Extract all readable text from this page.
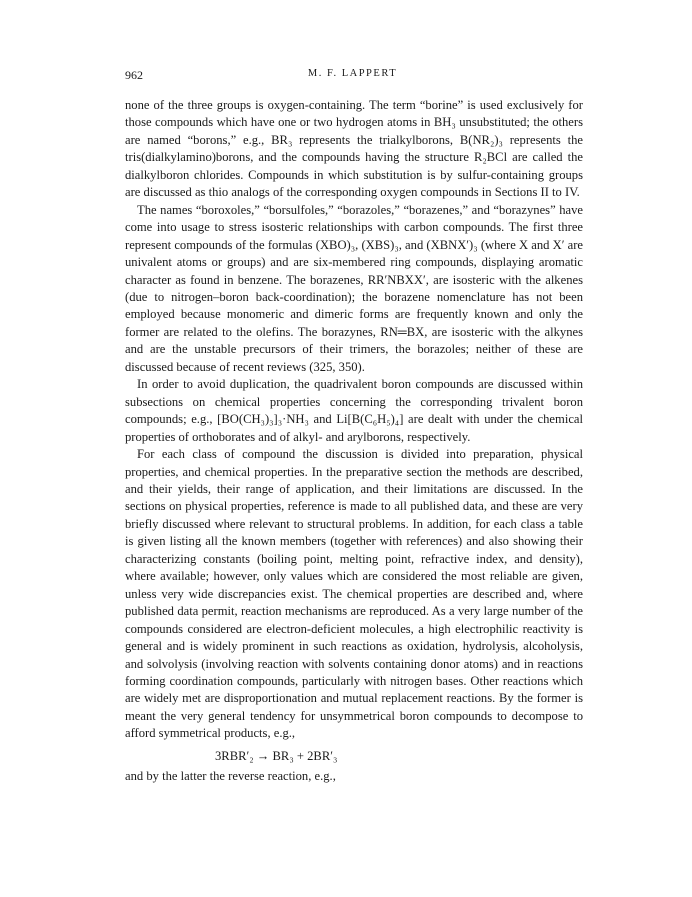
962	M. F. LAPPERT

none of the three groups is oxygen-containing. The term “borine” is used exclusively for those compounds which have one or two hydrogen atoms in BH₃ unsubstituted; the others are named “borons,” e.g., BR₃ represents the trialkylborons, B(NR₂)₃ represents the tris(dialkylamino)borons, and the compounds having the structure R₂BCl are called the dialkylboron chlorides. Compounds in which substitution is by sulfur-containing groups are discussed as thio analogs of the corresponding oxygen compounds in Sections II to IV.

The names “boroxoles,” “borsulfoles,” “borazoles,” “borazenes,” and “borazynes” have come into usage to stress isosteric relationships with carbon compounds. The first three represent compounds of the formulas (XBO)₃, (XBS)₃, and (XBNX′)₃ (where X and X′ are univalent atoms or groups) and are six-membered ring compounds, displaying aromatic character as found in benzene. The borazenes, RR′NBXX′, are isosteric with the alkenes (due to nitrogen–boron back-coordination); the borazene nomenclature has not been employed because monomeric and dimeric forms are frequently known and only the former are related to the olefins. The borazynes, RN═BX, are isosteric with the alkynes and are the unstable precursors of their trimers, the borazoles; neither of these are discussed because of recent reviews (325, 350).

In order to avoid duplication, the quadrivalent boron compounds are discussed within subsections on chemical properties concerning the corresponding trivalent boron compounds; e.g., [BO(CH₃)₃]₃·NH₃ and Li[B(C₆H₅)₄] are dealt with under the chemical properties of orthoborates and of alkyl- and arylborons, respectively.

For each class of compound the discussion is divided into preparation, physical properties, and chemical properties. In the preparative section the methods are described, and their yields, their range of application, and their limitations are discussed. In the sections on physical properties, reference is made to all published data, and these are very briefly discussed where relevant to structural problems. In addition, for each class a table is given listing all the known members (together with references) and also showing their characterizing constants (boiling point, melting point, refractive index, and density), where available; however, only values which are considered the most reliable are given, unless very wide discrepancies exist. The chemical properties are described and, where published data permit, reaction mechanisms are reproduced. As a very large number of the compounds considered are electron-deficient molecules, a high electrophilic reactivity is general and is widely prominent in such reactions as oxidation, hydrolysis, alcoholysis, and solvolysis (involving reaction with solvents containing donor atoms) and in reactions forming coordination compounds, particularly with nitrogen bases. Other reactions which are widely met are disproportionation and mutual replacement reactions. By the former is meant the very general tendency for unsymmetrical boron compounds to decompose to afford symmetrical products, e.g.,

3RBR′₂ → BR₃ + 2BR′₃

and by the latter the reverse reaction, e.g.,
